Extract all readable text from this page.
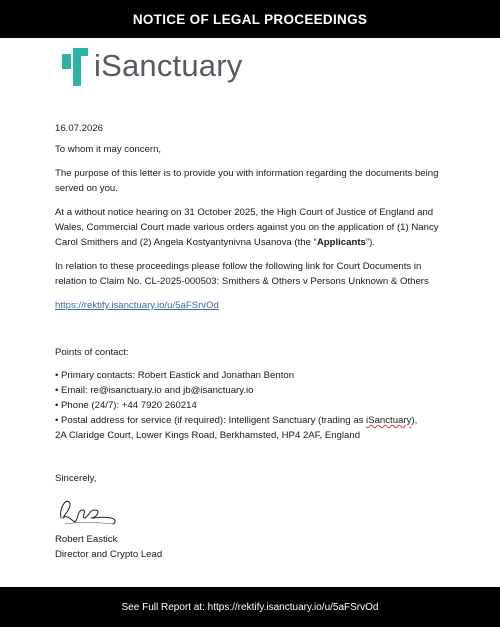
NOTICE OF LEGAL PROCEEDINGS
iSanctuary

16.07.2026

To whom it may concern,

The purpose of this letter is to provide you with information regarding the documents being served on you.

At a without notice hearing on 31 October 2025, the High Court of Justice of England and Wales, Commercial Court made various orders against you on the application of (1) Nancy Carol Smithers and (2) Angela Kostyantynivna Usanova (the “Applicants”).

In relation to these proceedings please follow the following link for Court Documents in relation to Claim No. CL-2025-000503: Smithers & Others v Persons Unknown & Others

https://rektify.isanctuary.io/u/5aFSrvOd

Points of contact:

• Primary contacts: Robert Eastick and Jonathan Benton

• Email: re@isanctuary.io and jb@isanctuary.io

• Phone (24/7): +44 7920 260214

• Postal address for service (if required): Intelligent Sanctuary (trading as iSanctuary),

2A Claridge Court, Lower Kings Road, Berkhamsted, HP4 2AF, England

Sincerely,

Robert Eastick

Director and Crypto Lead

See Full Report at: https://rektify.isanctuary.io/u/5aFSrvOd
